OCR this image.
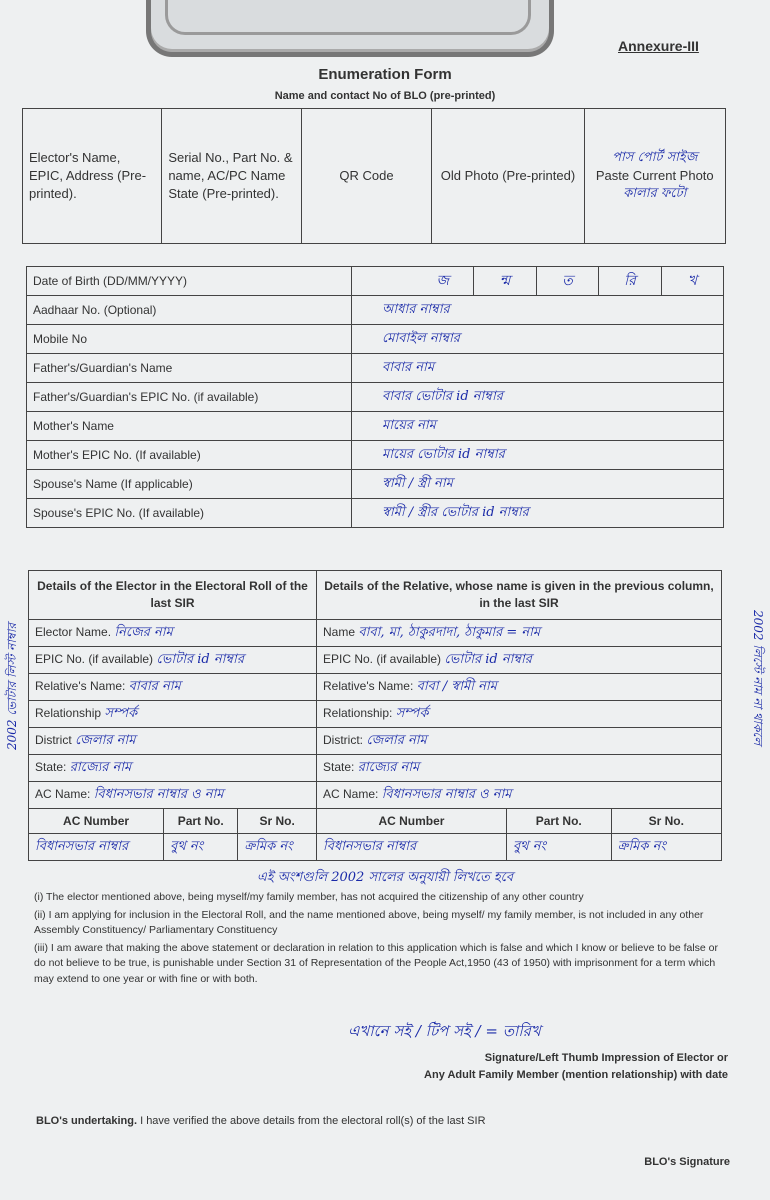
Annexure-III
Enumeration Form
Name and contact No of BLO (pre-printed)
Elector's Name, EPIC, Address (Pre-printed).	Serial No., Part No. & name, AC/PC Name State (Pre-printed).	QR Code	Old Photo (Pre-printed)	
পাস পোর্ট সাইজ
Paste Current Photo
কালার ফটো
Date of Birth (DD/MM/YYYY)	জ ন্ম ত রি খ

Aadhaar No. (Optional)	আধার নাম্বার
Mobile No	মোবাইল নাম্বার
Father's/Guardian's Name	বাবার নাম
Father's/Guardian's EPIC No. (if available)	বাবার ভোটার id নাম্বার
Mother's Name	মায়ের নাম
Mother's EPIC No. (If available)	মায়ের ভোটার id নাম্বার
Spouse's Name (If applicable)	স্বামী / স্ত্রী নাম
Spouse's EPIC No. (If available)	স্বামী / স্ত্রীর ভোটার id নাম্বার
Details of the Elector in the Electoral Roll of the last SIR			Details of the Relative, whose name is given in the previous column, in the last SIR		
Elector Name. নিজের নাম			Name বাবা, মা, ঠাকুরদাদা, ঠাকুমার = নাম		
EPIC No. (if available) ভোটার id নাম্বার			EPIC No. (if available) ভোটার id নাম্বার		
Relative's Name: বাবার নাম			Relative's Name: বাবা / স্বামী নাম		
Relationship সম্পর্ক			Relationship: সম্পর্ক		
District জেলার নাম			District: জেলার নাম		
State: রাজ্যের নাম			State: রাজ্যের নাম		
AC Name: বিধানসভার নাম্বার ও নাম			AC Name: বিধানসভার নাম্বার ও নাম		
AC Number	Part No.	Sr No.	AC Number	Part No.	Sr No.
বিধানসভার নাম্বার	বুথ নং	ক্রমিক নং	বিধানসভার নাম্বার	বুথ নং	ক্রমিক নং
এই অংশগুলি 2002 সালের অনুযায়ী লিখতে হবে

(i) The elector mentioned above, being myself/my family member, has not acquired the citizenship of any other country

(ii) I am applying for inclusion in the Electoral Roll, and the name mentioned above, being myself/ my family member, is not included in any other Assembly Constituency/ Parliamentary Constituency

(iii) I am aware that making the above statement or declaration in relation to this application which is false and which I know or believe to be false or do not believe to be true, is punishable under Section 31 of Representation of the People Act,1950 (43 of 1950) with imprisonment for a term which may extend to one year or with fine or with both.

এখানে সই / টিপ সই / = তারিখ
Signature/Left Thumb Impression of Elector or
Any Adult Family Member (mention relationship) with date
BLO's undertaking. I have verified the above details from the electoral roll(s) of the last SIR
BLO's Signature
2002 ভোটার লিস্ট নাম্বার	2002 লিস্টে নাম না থাকলে
